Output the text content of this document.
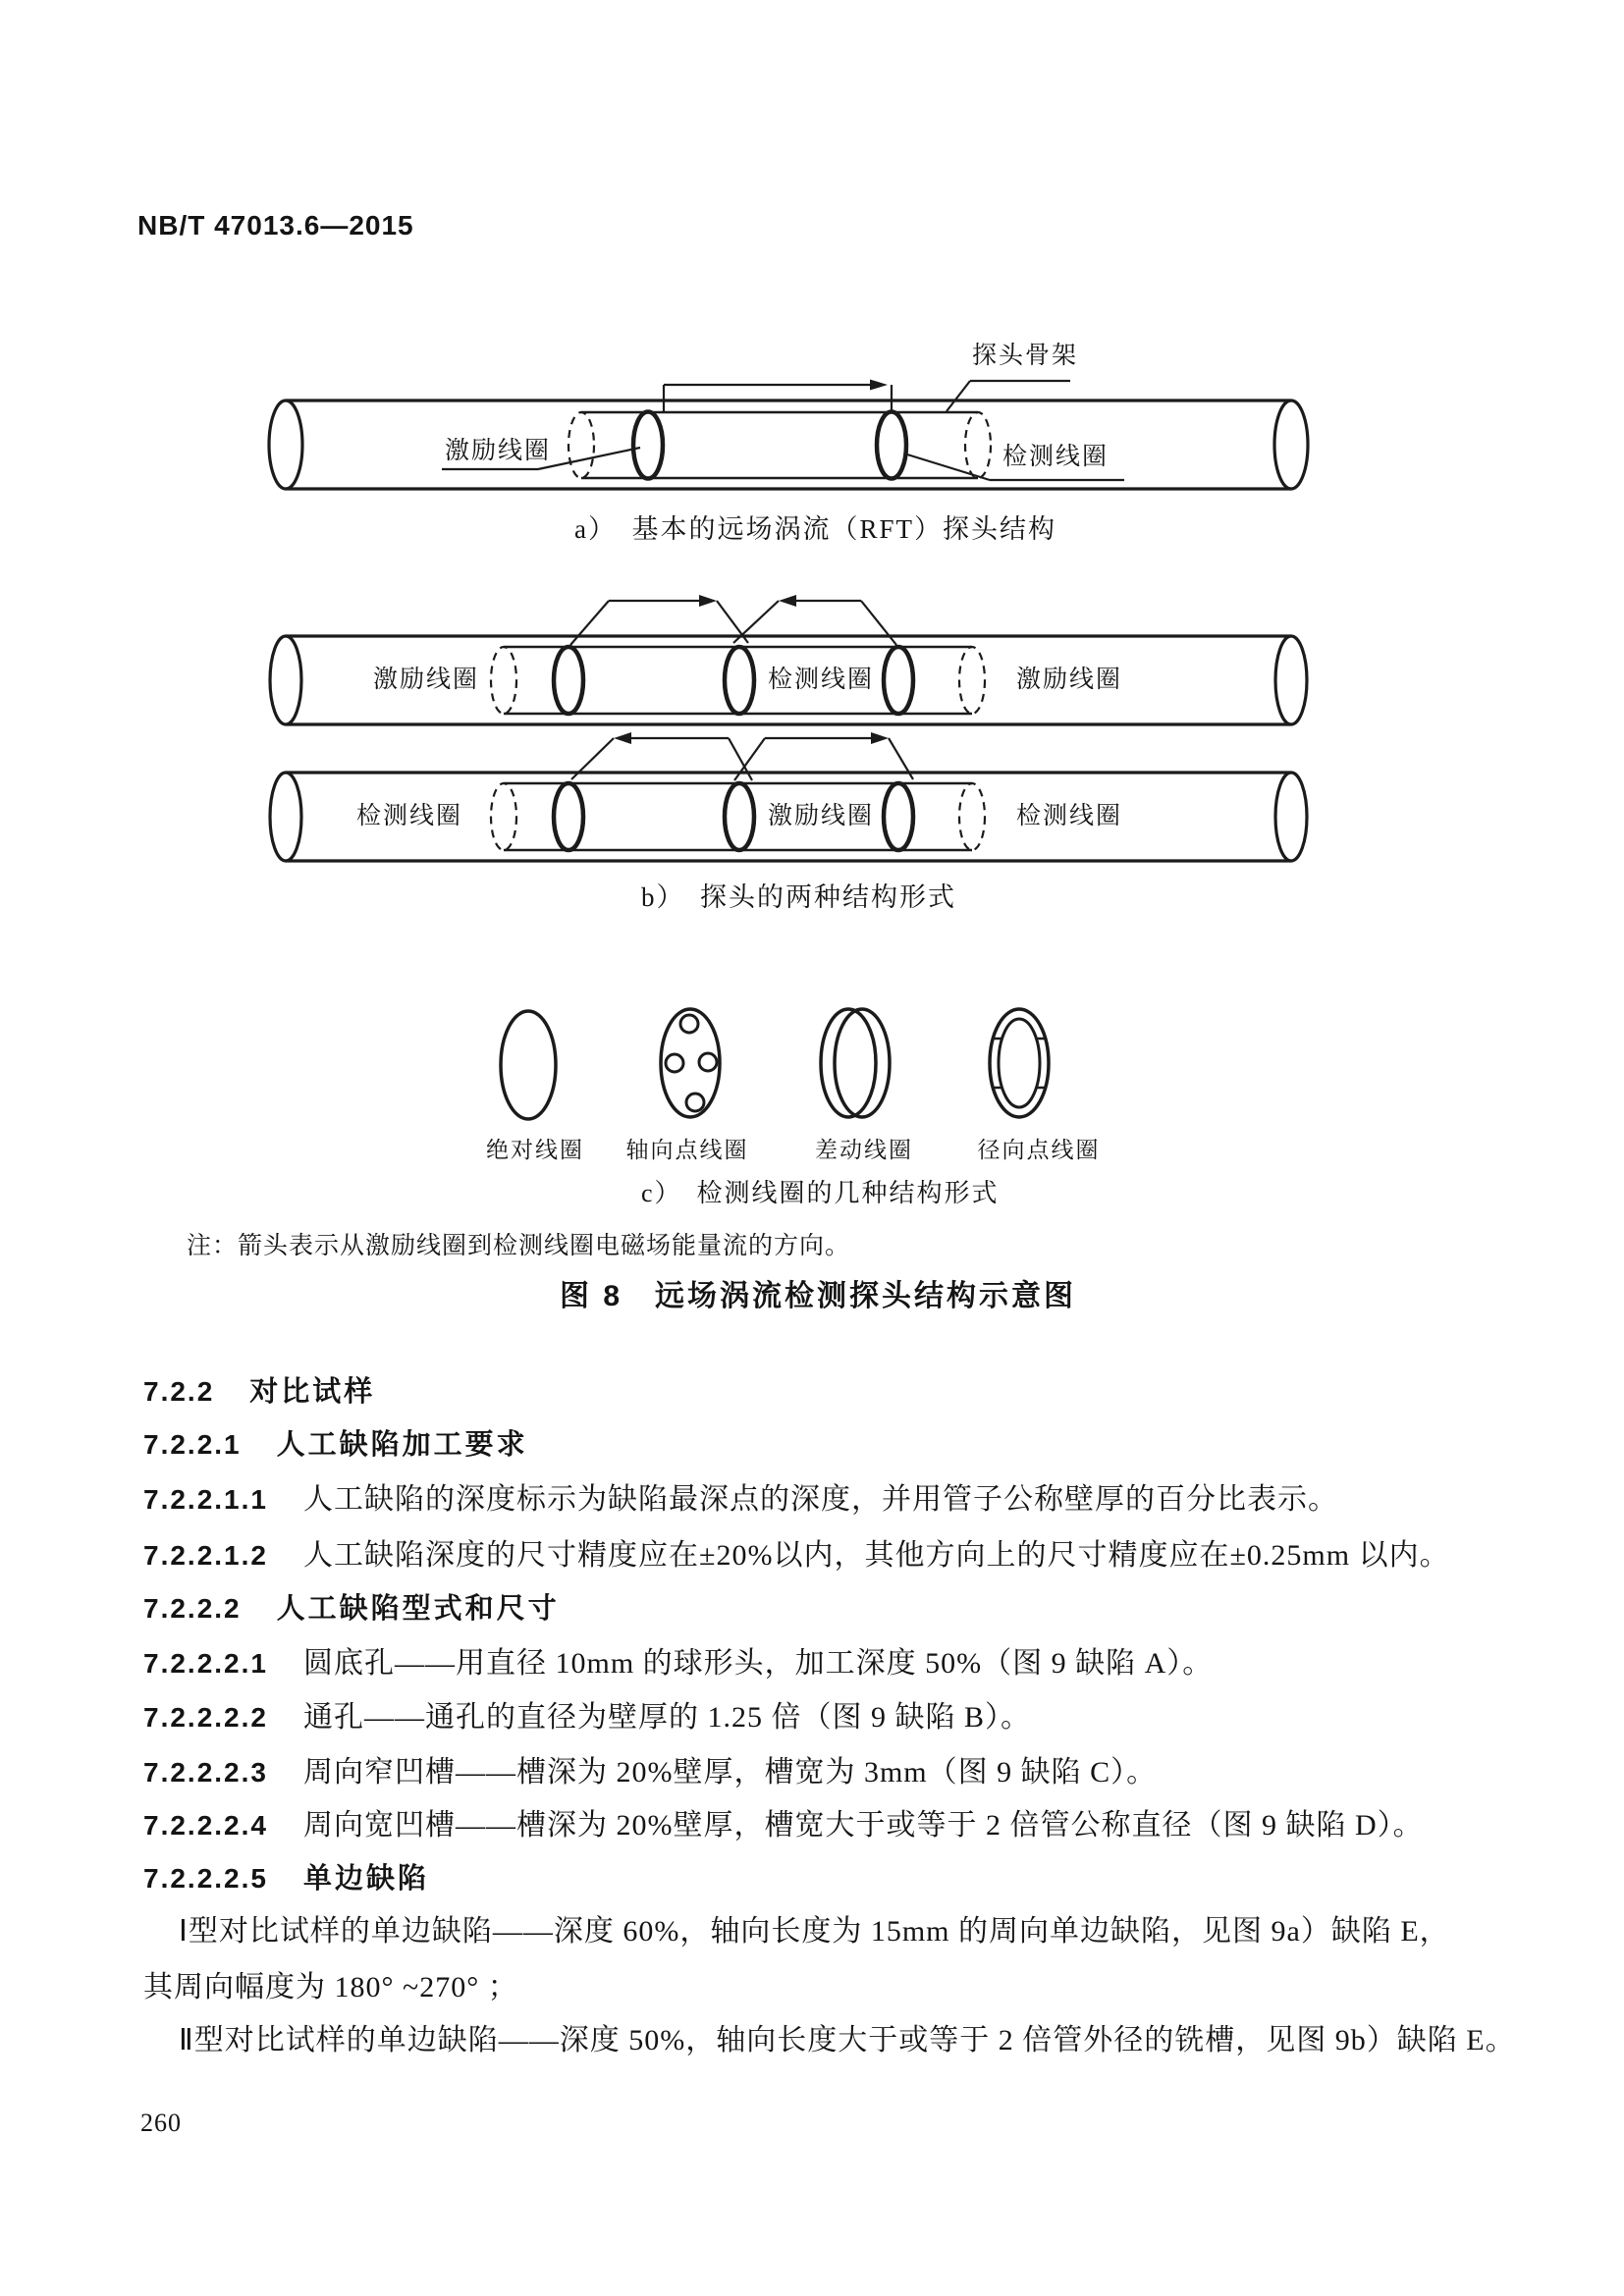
NB/T 47013.6—2015
探头骨架
激励线圈	检测线圈
a）　基本的远场涡流（RFT）探头结构
激励线圈	检测线圈	激励线圈
检测线圈	激励线圈	检测线圈
b）　探头的两种结构形式
绝对线圈 轴向点线圈	差动线圈	径向点线圈
c）　检测线圈的几种结构形式
注：箭头表示从激励线圈到检测线圈电磁场能量流的方向。
图 8　远场涡流检测探头结构示意图
7.2.2 对比试样
7.2.2.1 人工缺陷加工要求
7.2.2.1.1 人工缺陷的深度标示为缺陷最深点的深度，并用管子公称壁厚的百分比表示。
7.2.2.1.2 人工缺陷深度的尺寸精度应在±20%以内，其他方向上的尺寸精度应在±0.25mm 以内。
7.2.2.2 人工缺陷型式和尺寸
7.2.2.2.1 圆底孔——用直径 10mm 的球形头，加工深度 50%（图 9 缺陷 A）。
7.2.2.2.2 通孔——通孔的直径为壁厚的 1.25 倍（图 9 缺陷 B）。
7.2.2.2.3 周向窄凹槽——槽深为 20%壁厚，槽宽为 3mm（图 9 缺陷 C）。
7.2.2.2.4 周向宽凹槽——槽深为 20%壁厚，槽宽大于或等于 2 倍管公称直径（图 9 缺陷 D）。
7.2.2.2.5 单边缺陷
Ⅰ型对比试样的单边缺陷——深度 60%，轴向长度为 15mm 的周向单边缺陷，见图 9a）缺陷 E，
其周向幅度为 180° ~270° ；
Ⅱ型对比试样的单边缺陷——深度 50%，轴向长度大于或等于 2 倍管外径的铣槽，见图 9b）缺陷 E。
260
